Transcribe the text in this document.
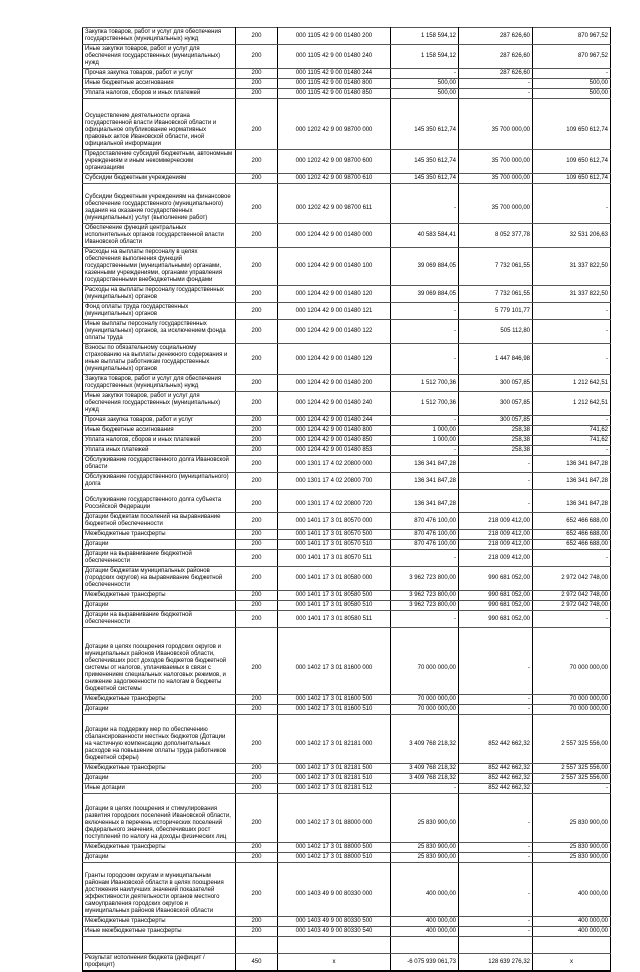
Закупка товаров, работ и услуг для обеспечения государственных (муниципальных) нужд	200	000 1105 42 9 00 01480 200	1 158 594,12	287 626,60	870 967,52
Иные закупки товаров, работ и услуг для обеспечения государственных (муниципальных) нужд	200	000 1105 42 9 00 01480 240	1 158 594,12	287 626,60	870 967,52
Прочая закупка товаров, работ и услуг	200	000 1105 42 9 00 01480 244	-	287 626,60	-
Иные бюджетные ассигнования	200	000 1105 42 9 00 01480 800	500,00	-	500,00
Уплата налогов, сборов и иных платежей	200	000 1105 42 9 00 01480 850	500,00	-	500,00
Осуществление деятельности органа государственной власти Ивановской области и официальное опубликование нормативных правовых актов Ивановской области, иной официальной информации	200	000 1202 42 9 00 98700 000	145 350 612,74	35 700 000,00	109 650 612,74
Предоставление субсидий бюджетным, автономным учреждениям и иным некоммерческим организациям	200	000 1202 42 9 00 98700 600	145 350 612,74	35 700 000,00	109 650 612,74
Субсидии бюджетным учреждениям	200	000 1202 42 9 00 98700 610	145 350 612,74	35 700 000,00	109 650 612,74
Субсидии бюджетным учреждениям на финансовое обеспечение государственного (муниципального) задания на оказание государственных (муниципальных) услуг (выполнение работ)	200	000 1202 42 9 00 98700 611	-	35 700 000,00	-
Обеспечение функций центральных исполнительных органов государственной власти Ивановской области	200	000 1204 42 9 00 01480 000	40 583 584,41	8 052 377,78	32 531 206,63
Расходы на выплаты персоналу в целях обеспечения выполнения функций государственными (муниципальными) органами, казенными учреждениями, органами управления государственными внебюджетными фондами	200	000 1204 42 9 00 01480 100	39 069 884,05	7 732 061,55	31 337 822,50
Расходы на выплаты персоналу государственных (муниципальных) органов	200	000 1204 42 9 00 01480 120	39 069 884,05	7 732 061,55	31 337 822,50
Фонд оплаты труда государственных (муниципальных) органов	200	000 1204 42 9 00 01480 121	-	5 779 101,77	-
Иные выплаты персоналу государственных (муниципальных) органов, за исключением фонда оплаты труда	200	000 1204 42 9 00 01480 122	-	505 112,80	-
Взносы по обязательному социальному страхованию на выплаты денежного содержания и иные выплаты работникам государственных (муниципальных) органов	200	000 1204 42 9 00 01480 129	-	1 447 846,98	-
Закупка товаров, работ и услуг для обеспечения государственных (муниципальных) нужд	200	000 1204 42 9 00 01480 200	1 512 700,36	300 057,85	1 212 642,51
Иные закупки товаров, работ и услуг для обеспечения государственных (муниципальных) нужд	200	000 1204 42 9 00 01480 240	1 512 700,36	300 057,85	1 212 642,51
Прочая закупка товаров, работ и услуг	200	000 1204 42 9 00 01480 244	-	300 057,85	-
Иные бюджетные ассигнования	200	000 1204 42 9 00 01480 800	1 000,00	258,38	741,62
Уплата налогов, сборов и иных платежей	200	000 1204 42 9 00 01480 850	1 000,00	258,38	741,62
Уплата иных платежей	200	000 1204 42 9 00 01480 853	-	258,38	-
Обслуживание государственного долга Ивановской области	200	000 1301 17 4 02 20800 000	136 341 847,28	-	136 341 847,28
Обслуживание государственного (муниципального) долга	200	000 1301 17 4 02 20800 700	136 341 847,28	-	136 341 847,28
Обслуживание государственного долга субъекта Российской Федерации	200	000 1301 17 4 02 20800 720	136 341 847,28	-	136 341 847,28
Дотации бюджетам поселений на выравнивание бюджетной обеспеченности	200	000 1401 17 3 01 80570 000	870 476 100,00	218 009 412,00	652 466 688,00
Межбюджетные трансферты	200	000 1401 17 3 01 80570 500	870 476 100,00	218 009 412,00	652 466 688,00
Дотации	200	000 1401 17 3 01 80570 510	870 476 100,00	218 009 412,00	652 466 688,00
Дотации на выравнивание бюджетной обеспеченности	200	000 1401 17 3 01 80570 511	-	218 009 412,00	-
Дотации бюджетам муниципальных районов (городских округов) на выравнивание бюджетной обеспеченности	200	000 1401 17 3 01 80580 000	3 962 723 800,00	990 681 052,00	2 972 042 748,00
Межбюджетные трансферты	200	000 1401 17 3 01 80580 500	3 962 723 800,00	990 681 052,00	2 972 042 748,00
Дотации	200	000 1401 17 3 01 80580 510	3 962 723 800,00	990 681 052,00	2 972 042 748,00
Дотации на выравнивание бюджетной обеспеченности	200	000 1401 17 3 01 80580 511	-	990 681 052,00	-
Дотации в целях поощрения городских округов и муниципальных районов Ивановской области, обеспечивших рост доходов бюджетов бюджетной системы от налогов, уплачиваемых в связи с применением специальных налоговых режимов, и снижение задолженности по налогам в бюджеты бюджетной системы	200	000 1402 17 3 01 81600 000	70 000 000,00	-	70 000 000,00
Межбюджетные трансферты	200	000 1402 17 3 01 81600 500	70 000 000,00	-	70 000 000,00
Дотации	200	000 1402 17 3 01 81600 510	70 000 000,00	-	70 000 000,00
Дотации на поддержку мер по обеспечению сбалансированности местных бюджетов (Дотации на частичную компенсацию дополнительных расходов на повышение оплаты труда работников бюджетной сферы)	200	000 1402 17 3 01 82181 000	3 409 768 218,32	852 442 662,32	2 557 325 556,00
Межбюджетные трансферты	200	000 1402 17 3 01 82181 500	3 409 768 218,32	852 442 662,32	2 557 325 556,00
Дотации	200	000 1402 17 3 01 82181 510	3 409 768 218,32	852 442 662,32	2 557 325 556,00
Иные дотации	200	000 1402 17 3 01 82181 512	-	852 442 662,32	-
Дотации в целях поощрения и стимулирования развития городских поселений Ивановской области, включенных в перечень исторических поселений федерального значения, обеспечивших рост поступлений по налогу на доходы физических лиц	200	000 1402 17 3 01 88000 000	25 830 900,00	-	25 830 900,00
Межбюджетные трансферты	200	000 1402 17 3 01 88000 500	25 830 900,00	-	25 830 900,00
Дотации	200	000 1402 17 3 01 88000 510	25 830 900,00	-	25 830 900,00
Гранты городским округам и муниципальным районам Ивановской области в целях поощрения достижения наилучших значений показателей эффективности деятельности органов местного самоуправления городских округов и муниципальных районов Ивановской области	200	000 1403 49 9 00 80330 000	400 000,00	-	400 000,00
Межбюджетные трансферты	200	000 1403 49 9 00 80330 500	400 000,00	-	400 000,00
Иные межбюджетные трансферты	200	000 1403 49 9 00 80330 540	400 000,00	-	400 000,00

Результат исполнения бюджета (дефицит / профицит)	450	x	-6 075 939 061,73	128 639 276,32	x
